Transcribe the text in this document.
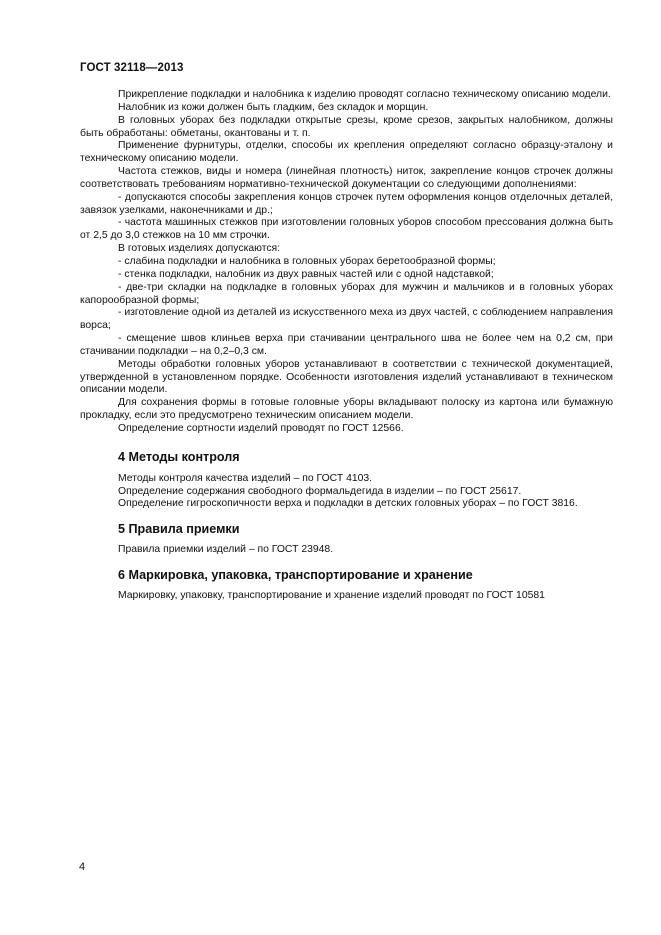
ГОСТ 32118—2013

Прикрепление подкладки и налобника к изделию проводят согласно техническому описанию модели.

Налобник из кожи должен быть гладким, без складок и морщин.

В головных уборах без подкладки открытые срезы, кроме срезов, закрытых налобником, должны быть обработаны: обметаны, окантованы и т. п.

Применение фурнитуры, отделки, способы их крепления определяют согласно образцу-эталону и техническому описанию модели.

Частота стежков, виды и номера (линейная плотность) ниток, закрепление концов строчек должны соответствовать требованиям нормативно-технической документации со следующими дополнениями:

- допускаются способы закрепления концов строчек путем оформления концов отделочных деталей, завязок узелками, наконечниками и др.;

- частота машинных стежков при изготовлении головных уборов способом прессования должна быть от 2,5 до 3,0 стежков на 10 мм строчки.

В готовых изделиях допускаются:

- слабина подкладки и налобника в головных уборах беретообразной формы;

- стенка подкладки, налобник из двух равных частей или с одной надставкой;

- две-три складки на подкладке в головных уборах для мужчин и мальчиков и в головных уборах капорообразной формы;

- изготовление одной из деталей из искусственного меха из двух частей, с соблюдением направления ворса;

- смещение швов клиньев верха при стачивании центрального шва не более чем на 0,2 см, при стачивании подкладки – на 0,2–0,3 см.

Методы обработки головных уборов устанавливают в соответствии с технической документацией, утвержденной в установленном порядке. Особенности изготовления изделий устанавливают в техническом описании модели.

Для сохранения формы в готовые головные уборы вкладывают полоску из картона или бумажную прокладку, если это предусмотрено техническим описанием модели.

Определение сортности изделий проводят по ГОСТ 12566.

4 Методы контроля

Методы контроля качества изделий – по ГОСТ 4103.

Определение содержания свободного формальдегида в изделии – по ГОСТ 25617.

Определение гигроскопичности верха и подкладки в детских головных уборах – по ГОСТ 3816.

5 Правила приемки

Правила приемки изделий – по ГОСТ 23948.

6 Маркировка, упаковка, транспортирование и хранение

Маркировку, упаковку, транспортирование и хранение изделий проводят по ГОСТ 10581

4
